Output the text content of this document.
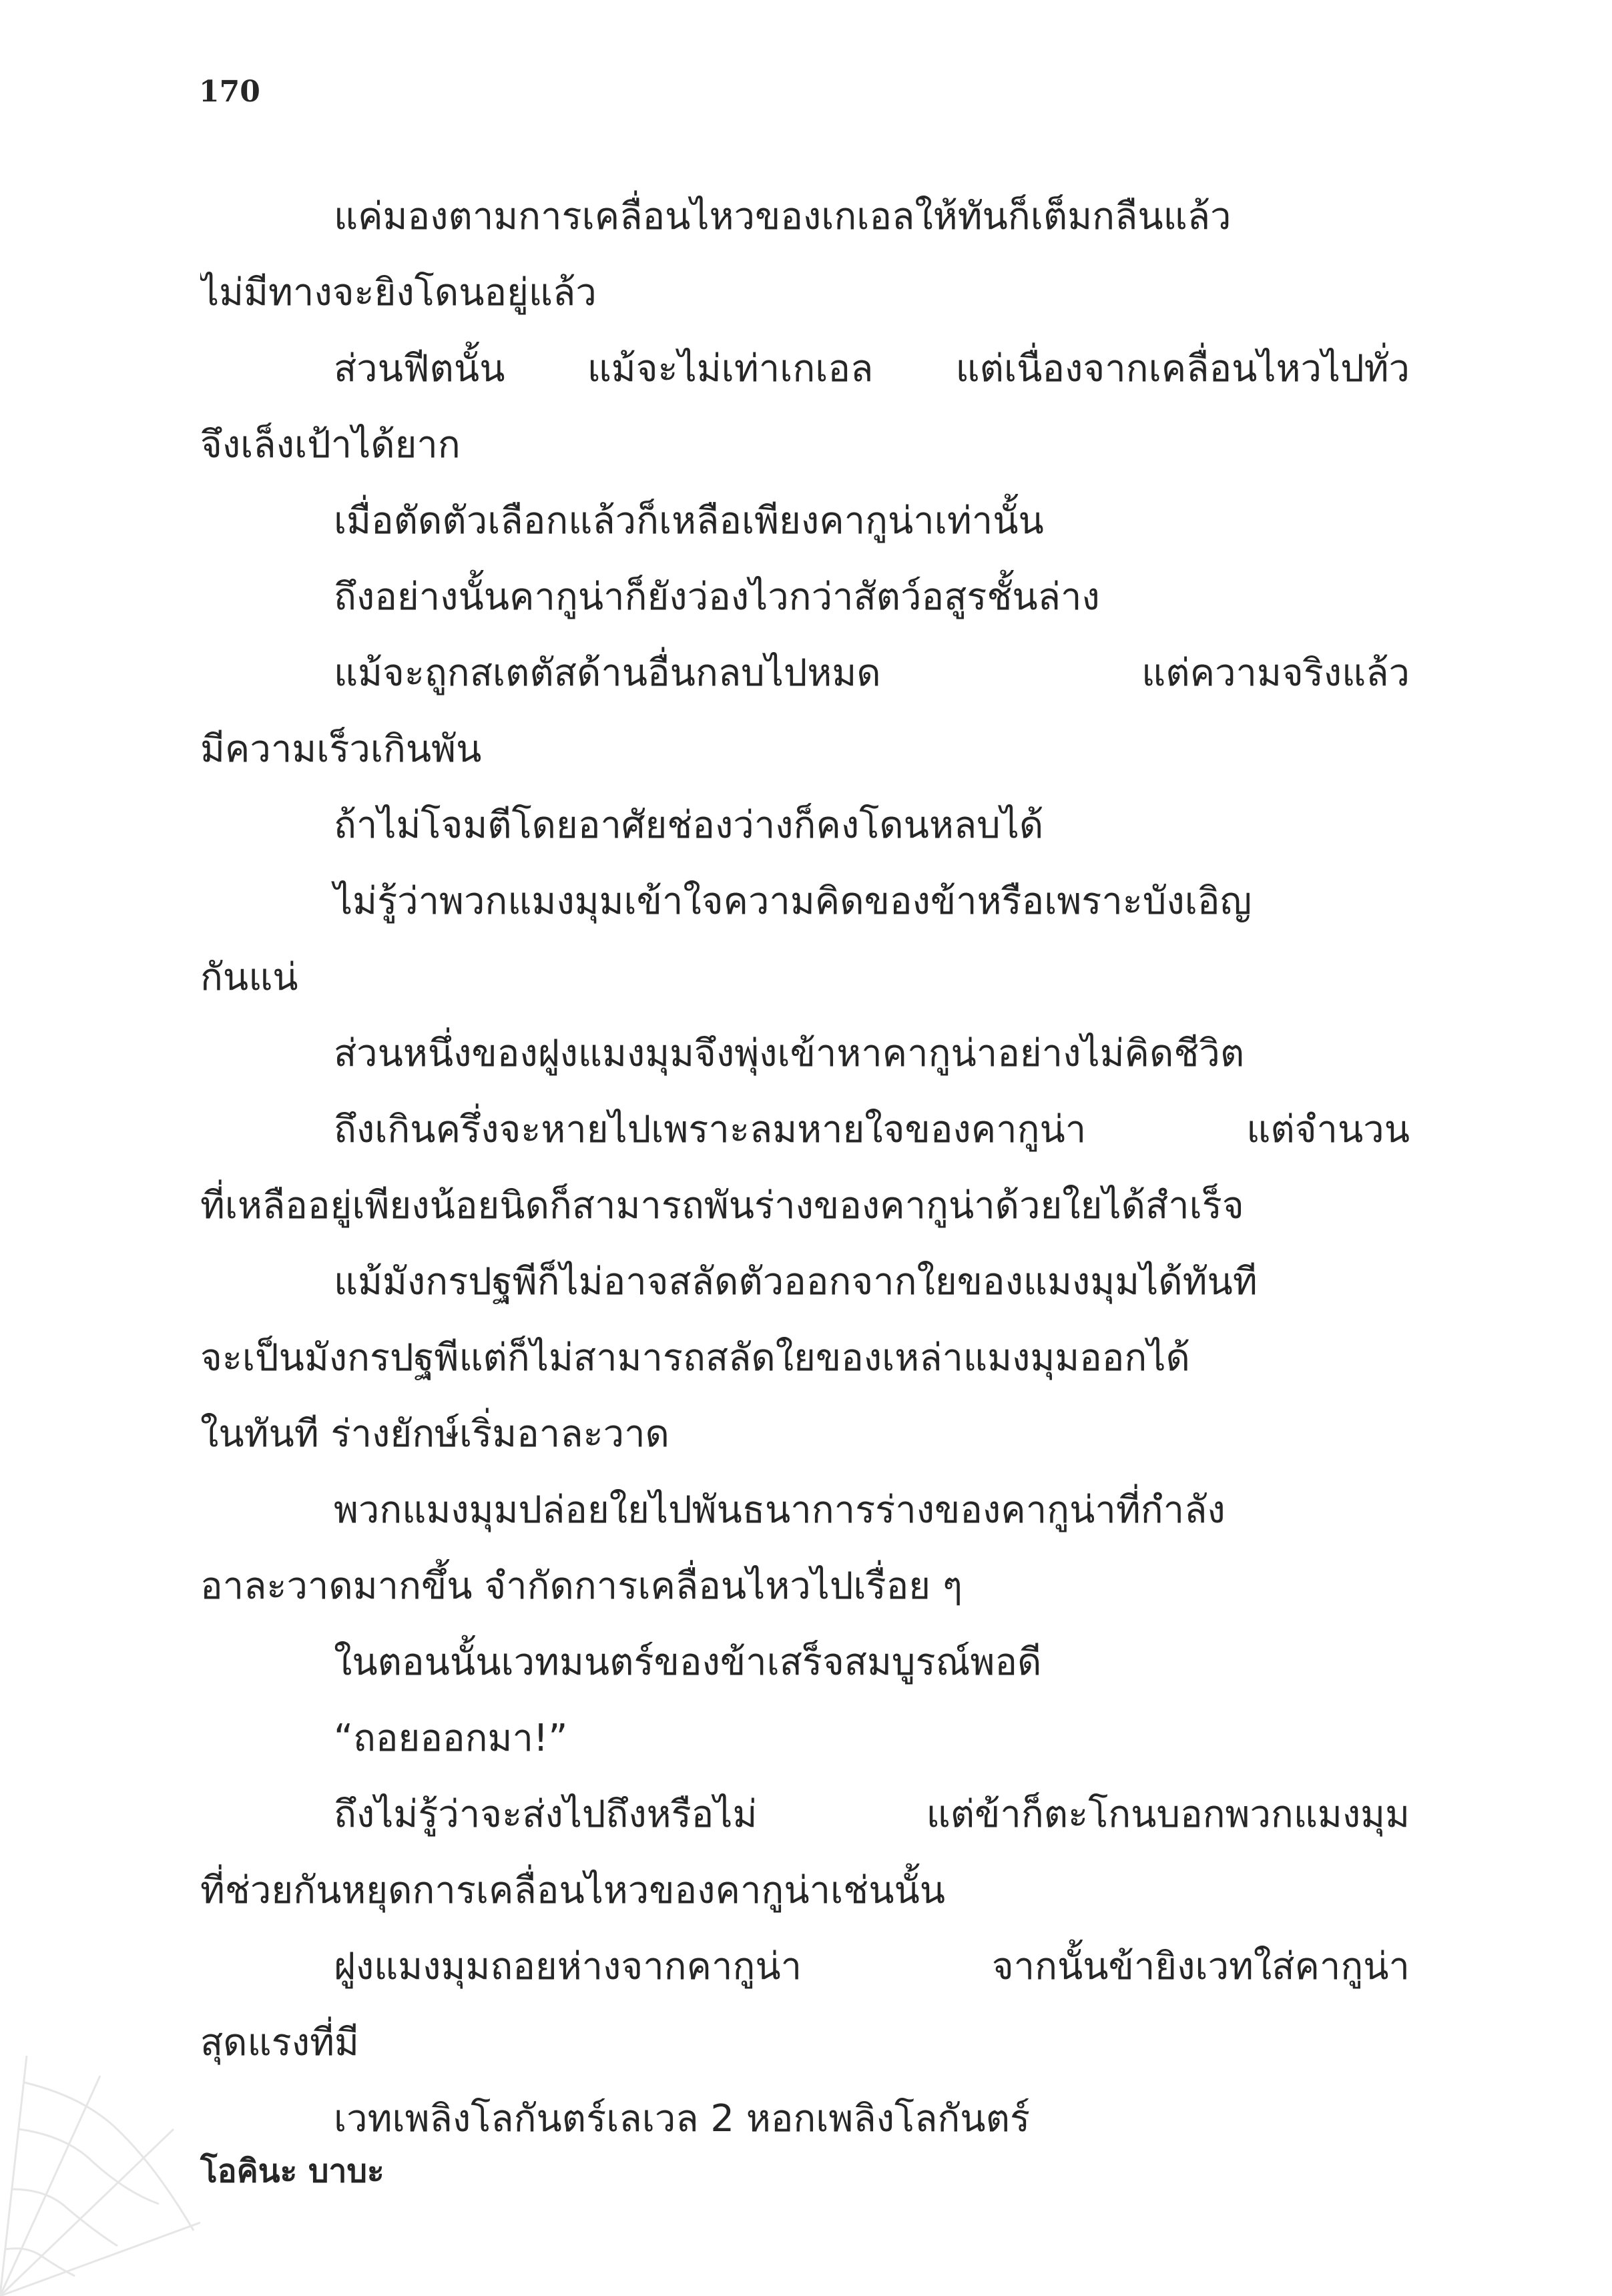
170
แค่มองตามการเคลื่อนไหวของเกเอลให้ทันก็เต็มกลืนแล้ว
ไม่มีทางจะยิงโดนอยู่แล้ว
ส่วนฟีตนั้น แม้จะไม่เท่าเกเอล แต่เนื่องจากเคลื่อนไหวไปทั่ว
จึงเล็งเป้าได้ยาก
เมื่อตัดตัวเลือกแล้วก็เหลือเพียงคากูน่าเท่านั้น
ถึงอย่างนั้นคากูน่าก็ยังว่องไวกว่าสัตว์อสูรชั้นล่าง
แม้จะถูกสเตตัสด้านอื่นกลบไปหมด แต่ความจริงแล้ว
มีความเร็วเกินพัน
ถ้าไม่โจมตีโดยอาศัยช่องว่างก็คงโดนหลบได้
ไม่รู้ว่าพวกแมงมุมเข้าใจความคิดของข้าหรือเพราะบังเอิญ
กันแน่
ส่วนหนึ่งของฝูงแมงมุมจึงพุ่งเข้าหาคากูน่าอย่างไม่คิดชีวิต
ถึงเกินครึ่งจะหายไปเพราะลมหายใจของคากูน่า แต่จำนวน
ที่เหลืออยู่เพียงน้อยนิดก็สามารถพันร่างของคากูน่าด้วยใยได้สำเร็จ
แม้มังกรปฐพีก็ไม่อาจสลัดตัวออกจากใยของแมงมุมได้ทันที
จะเป็นมังกรปฐพีแต่ก็ไม่สามารถสลัดใยของเหล่าแมงมุมออกได้
ในทันที ร่างยักษ์เริ่มอาละวาด
พวกแมงมุมปล่อยใยไปพันธนาการร่างของคากูน่าที่กำลัง
อาละวาดมากขึ้น จำกัดการเคลื่อนไหวไปเรื่อย ๆ
ในตอนนั้นเวทมนตร์ของข้าเสร็จสมบูรณ์พอดี
“ถอยออกมา!”
ถึงไม่รู้ว่าจะส่งไปถึงหรือไม่ แต่ข้าก็ตะโกนบอกพวกแมงมุม
ที่ช่วยกันหยุดการเคลื่อนไหวของคากูน่าเช่นนั้น
ฝูงแมงมุมถอยห่างจากคากูน่า จากนั้นข้ายิงเวทใส่คากูน่า
สุดแรงที่มี
เวทเพลิงโลกันตร์เลเวล 2 หอกเพลิงโลกันตร์
โอคินะ บาบะ
